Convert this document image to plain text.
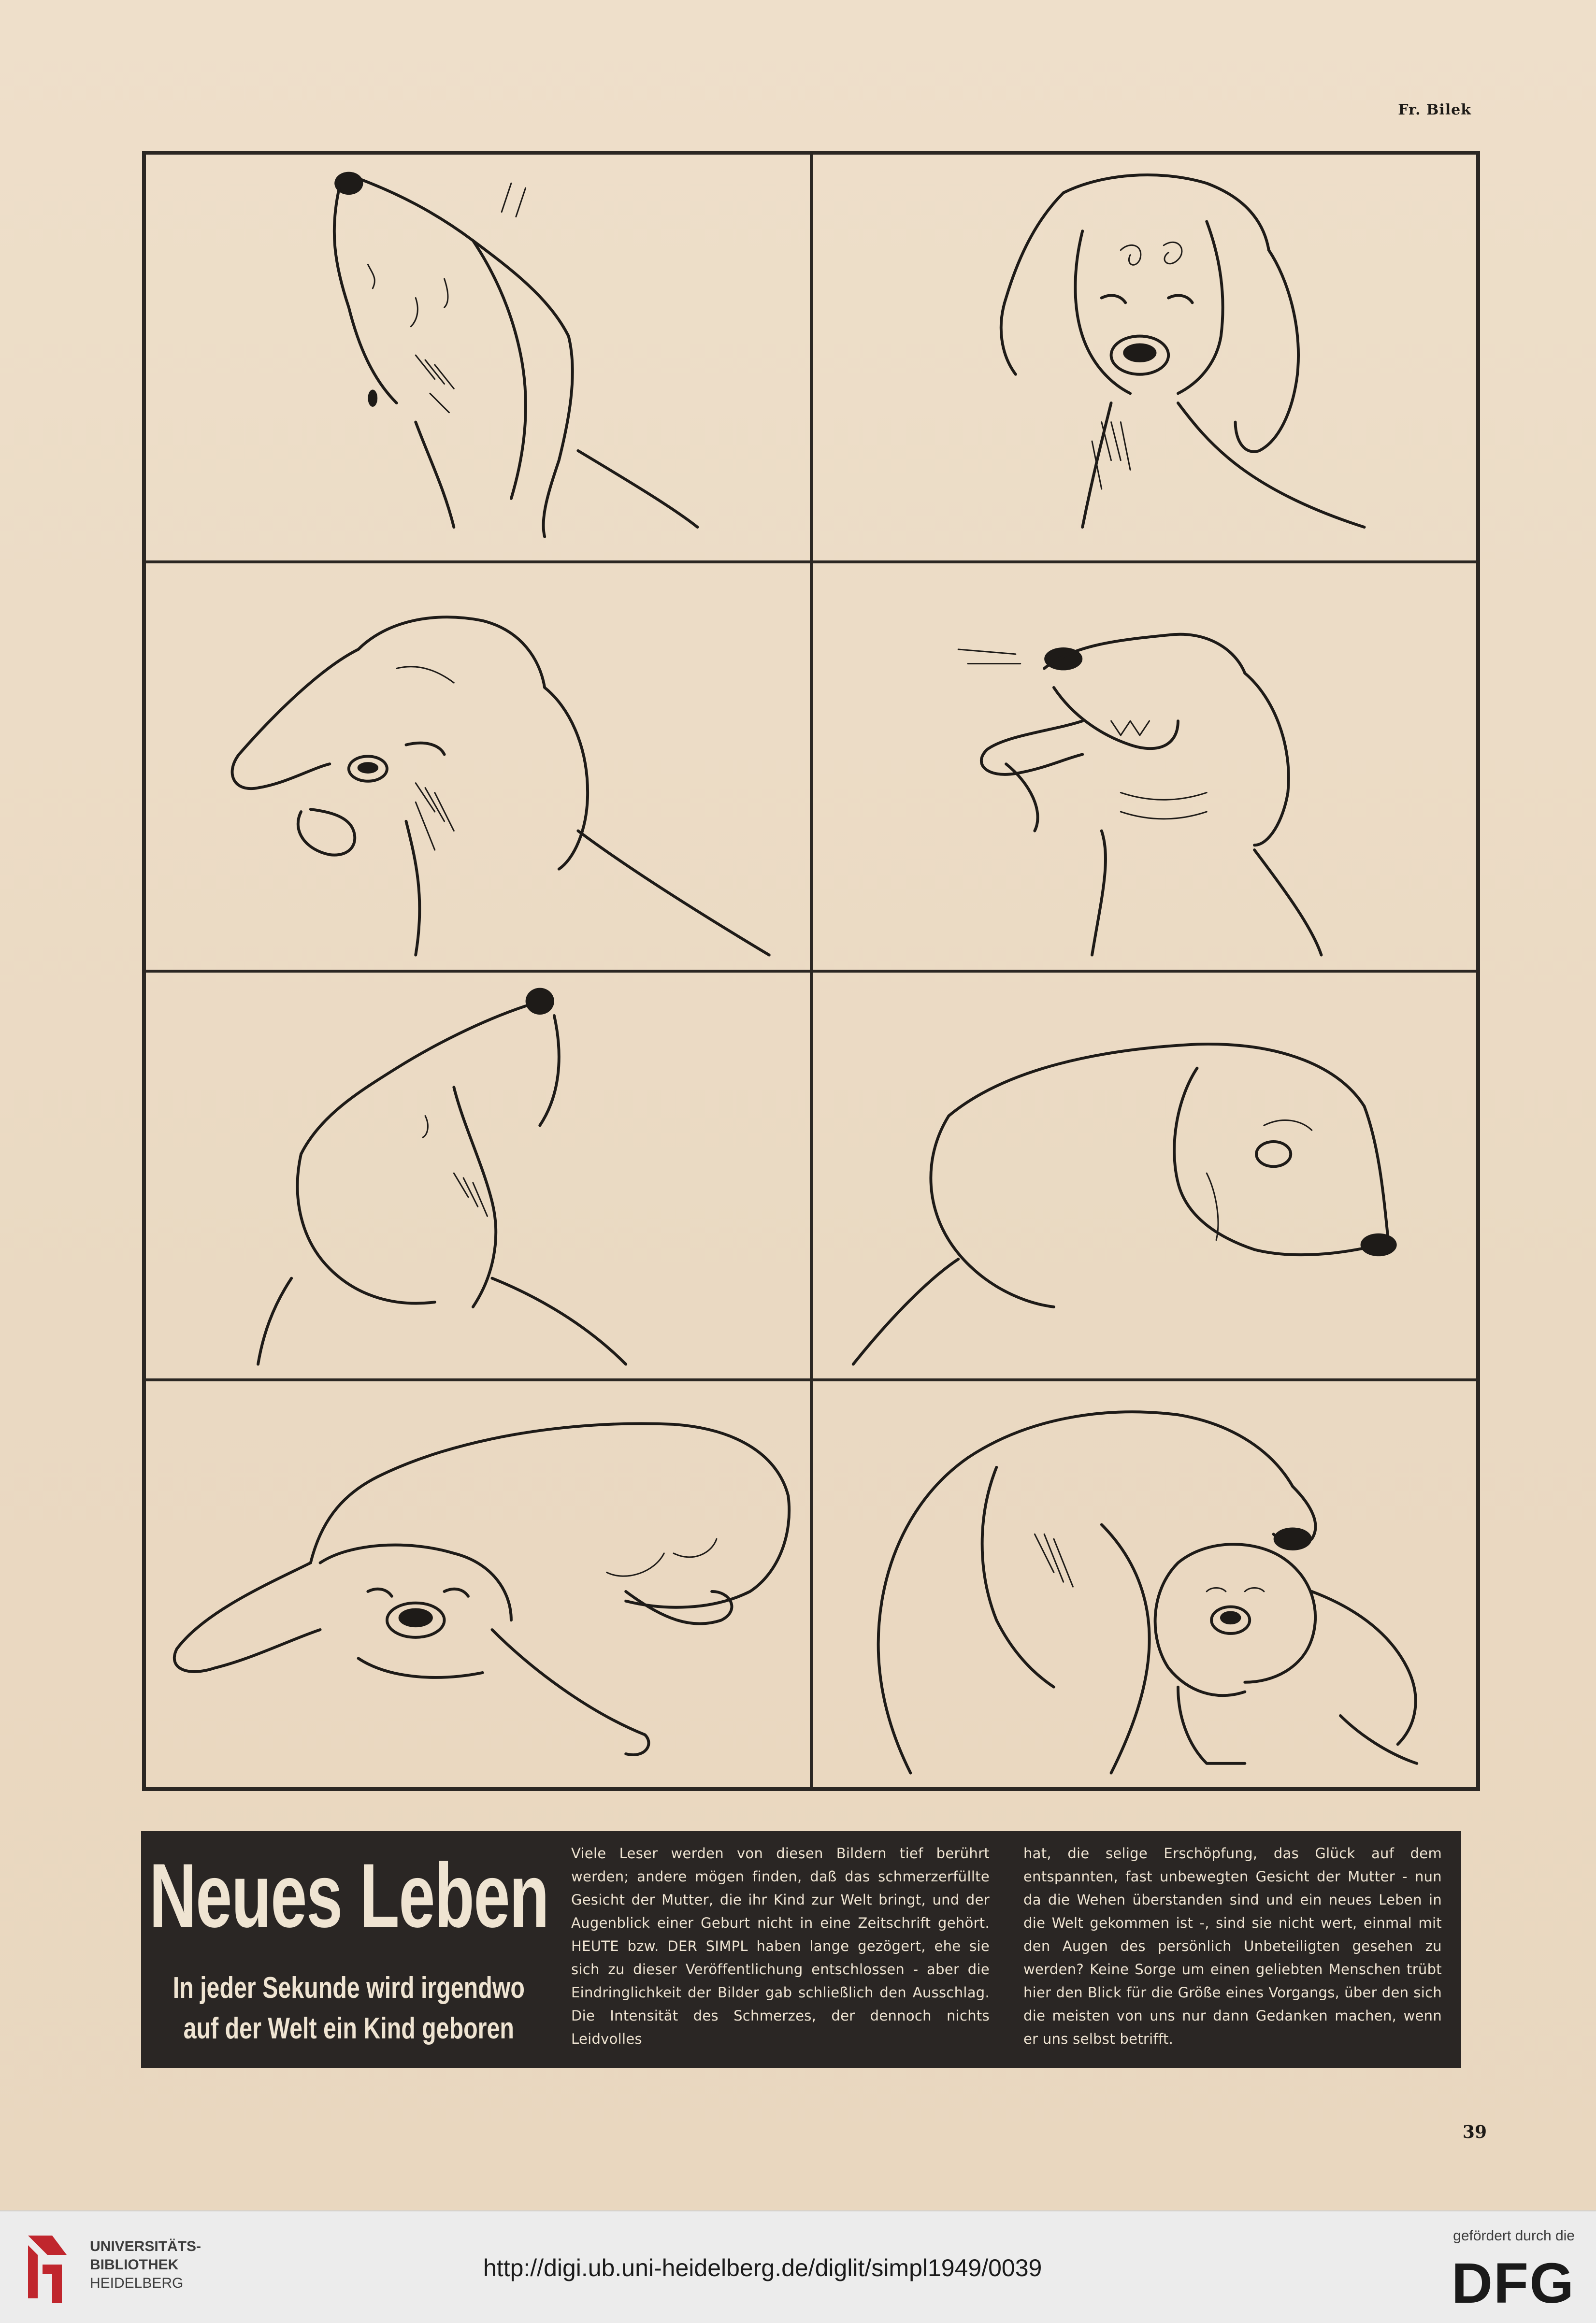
Fr. Bilek
Neues Leben
In jeder Sekunde wird irgendwo
auf der Welt ein Kind geboren
Viele Leser werden von diesen Bildern tief berührt werden; andere mögen finden, daß das schmerzerfüllte Gesicht der Mutter, die ihr Kind zur Welt bringt, und der Augenblick einer Geburt nicht in eine Zeitschrift gehört. HEUTE bzw. DER SIMPL haben lange gezögert, ehe sie sich zu dieser Veröffentlichung entschlossen - aber die Eindringlichkeit der Bilder gab schließlich den Ausschlag. Die Intensität des Schmerzes, der dennoch nichts Leidvolles
hat, die selige Erschöpfung, das Glück auf dem entspannten, fast unbewegten Gesicht der Mutter - nun da die Wehen überstanden sind und ein neues Leben in die Welt gekommen ist -, sind sie nicht wert, einmal mit den Augen des persönlich Unbeteiligten gesehen zu werden? Keine Sorge um einen geliebten Menschen trübt hier den Blick für die Größe eines Vorgangs, über den sich die meisten von uns nur dann Gedanken machen, wenn er uns selbst betrifft.
39
UNIVERSITÄTS-
BIBLIOTHEK
HEIDELBERG
http://digi.ub.uni-heidelberg.de/diglit/simpl1949/0039
gefördert durch die
DFG
